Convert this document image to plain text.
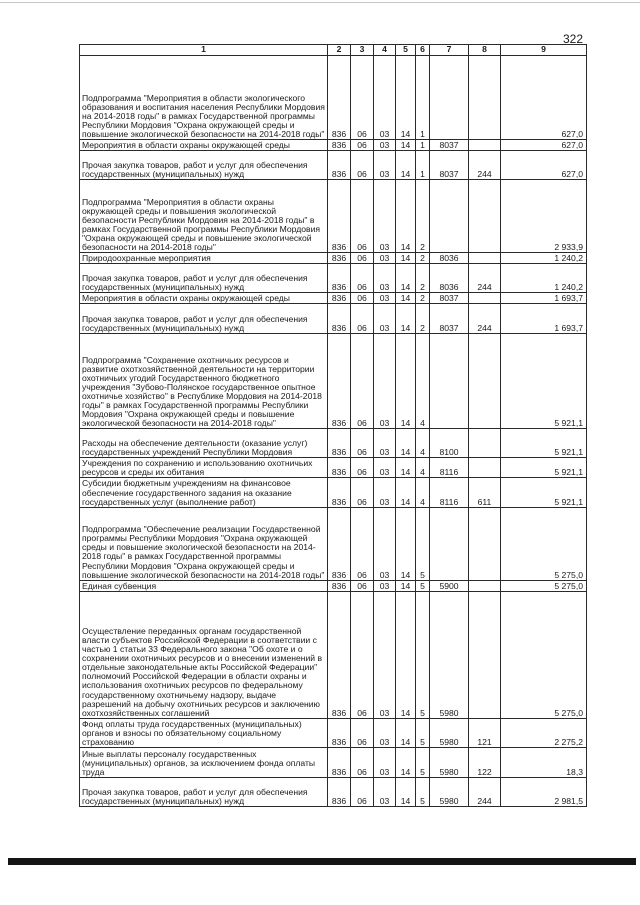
322
1	2	3	4	5	6	7	8	9
Подпрограмма "Мероприятия в области экологического образования и воспитания населения Республики Мордовия на 2014-2018 годы" в рамках Государственной программы Республики Мордовия "Охрана окружающей среды и повышение экологической безопасности на 2014-2018 годы"	836	06	03	14	1			627,0
Мероприятия в области охраны окружающей среды	836	06	03	14	1	8037		627,0
Прочая закупка товаров, работ и услуг для обеспечения государственных (муниципальных) нужд	836	06	03	14	1	8037	244	627,0
Подпрограмма "Мероприятия в области охраны окружающей среды и повышения экологической безопасности Республики Мордовия на 2014-2018 годы" в рамках Государственной программы Республики Мордовия "Охрана окружающей среды и повышение экологической безопасности на 2014-2018 годы"	836	06	03	14	2			2 933,9
Природоохранные мероприятия	836	06	03	14	2	8036		1 240,2
Прочая закупка товаров, работ и услуг для обеспечения государственных (муниципальных) нужд	836	06	03	14	2	8036	244	1 240,2
Мероприятия в области охраны окружающей среды	836	06	03	14	2	8037		1 693,7
Прочая закупка товаров, работ и услуг для обеспечения государственных (муниципальных) нужд	836	06	03	14	2	8037	244	1 693,7
Подпрограмма "Сохранение охотничьих ресурсов и развитие охотхозяйственной деятельности на территории охотничьих угодий Государственного бюджетного учреждения "Зубово-Полянское государственное опытное охотничье хозяйство" в Республике Мордовия на 2014-2018 годы" в рамках Государственной программы Республики Мордовия "Охрана окружающей среды и повышение экологической безопасности на 2014-2018 годы"	836	06	03	14	4			5 921,1
Расходы на обеспечение деятельности (оказание услуг) государственных учреждений Республики Мордовия	836	06	03	14	4	8100		5 921,1
Учреждения по сохранению и использованию охотничьих ресурсов и среды их обитания	836	06	03	14	4	8116		5 921,1
Субсидии бюджетным учреждениям на финансовое обеспечение государственного задания на оказание государственных услуг (выполнение работ)	836	06	03	14	4	8116	611	5 921,1
Подпрограмма "Обеспечение реализации Государственной программы Республики Мордовия "Охрана окружающей среды и повышение экологической безопасности на 2014-2018 годы" в рамках Государственной программы Республики Мордовия "Охрана окружающей среды и повышение экологической безопасности на 2014-2018 годы"	836	06	03	14	5			5 275,0
Единая субвенция	836	06	03	14	5	5900		5 275,0
Осуществление переданных органам государственной власти субъектов Российской Федерации в соответствии с частью 1 статьи 33 Федерального закона "Об охоте и о сохранении охотничьих ресурсов и о внесении изменений в отдельные законодательные акты Российской Федерации" полномочий Российской Федерации в области охраны и использования охотничьих ресурсов по федеральному государственному охотничьему надзору, выдаче разрешений на добычу охотничьих ресурсов и заключению охотхозяйственных соглашений	836	06	03	14	5	5980		5 275,0
Фонд оплаты труда государственных (муниципальных) органов и взносы по обязательному социальному страхованию	836	06	03	14	5	5980	121	2 275,2
Иные выплаты персоналу государственных (муниципальных) органов, за исключением фонда оплаты труда	836	06	03	14	5	5980	122	18,3
Прочая закупка товаров, работ и услуг для обеспечения государственных (муниципальных) нужд	836	06	03	14	5	5980	244	2 981,5
